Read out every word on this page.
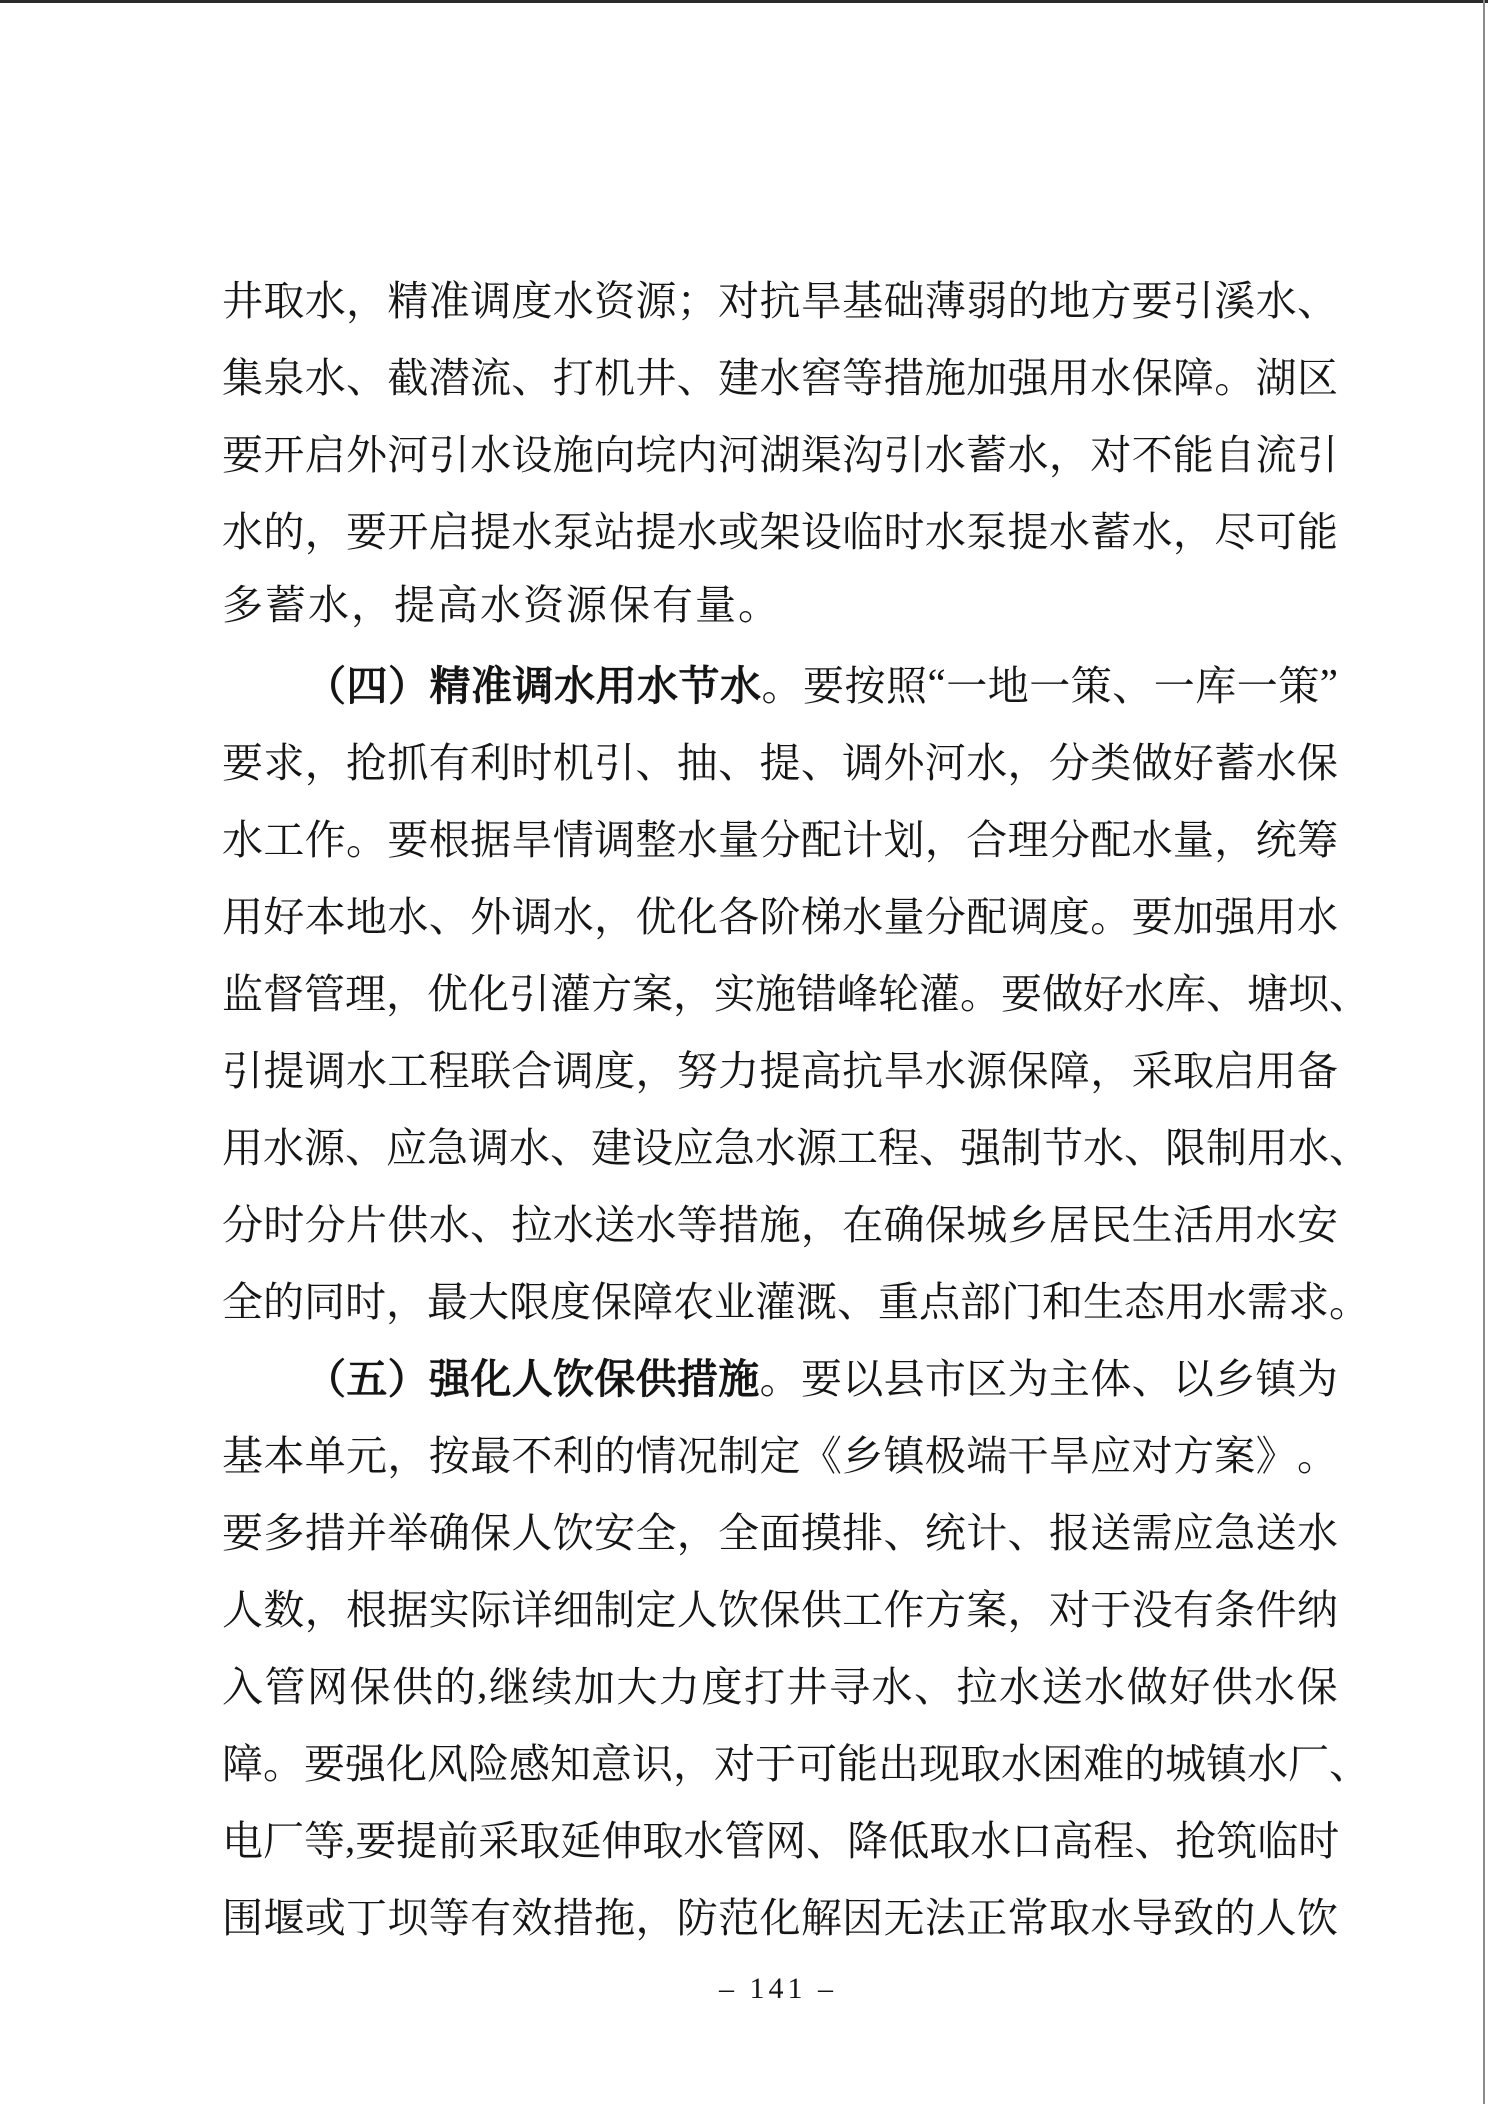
井 取 水 ， 精 准 调 度 水 资 源 ； 对 抗 旱 基 础 薄 弱 的 地 方 要 引 溪 水 、
集 泉 水 、 截 潜 流 、 打 机 井 、 建 水 窖 等 措 施 加 强 用 水 保 障 。 湖 区
要 开 启 外 河 引 水 设 施 向 垸 内 河 湖 渠 沟 引 水 蓄 水 ， 对 不 能 自 流 引
水 的 ， 要 开 启 提 水 泵 站 提 水 或 架 设 临 时 水 泵 提 水 蓄 水 ， 尽 可 能
多蓄水，提高水资源保有量。
（ 四 ） 精 准 调 水 用 水 节 水 。 要 按 照 “ 一 地 一 策 、 一 库 一 策 ”
要 求 ， 抢 抓 有 利 时 机 引 、 抽 、 提 、 调 外 河 水 ， 分 类 做 好 蓄 水 保
水 工 作 。 要 根 据 旱 情 调 整 水 量 分 配 计 划 ， 合 理 分 配 水 量 ， 统 筹
用 好 本 地 水 、 外 调 水 ， 优 化 各 阶 梯 水 量 分 配 调 度 。 要 加 强 用 水
监 督 管 理 ， 优 化 引 灌 方 案 ， 实 施 错 峰 轮 灌 。 要 做 好 水 库 、 塘 坝 、
引 提 调 水 工 程 联 合 调 度 ， 努 力 提 高 抗 旱 水 源 保 障 ， 采 取 启 用 备
用 水 源 、 应 急 调 水 、 建 设 应 急 水 源 工 程 、 强 制 节 水 、 限 制 用 水 、
分 时 分 片 供 水 、 拉 水 送 水 等 措 施 ， 在 确 保 城 乡 居 民 生 活 用 水 安
全 的 同 时 ， 最 大 限 度 保 障 农 业 灌 溉 、 重 点 部 门 和 生 态 用 水 需 求 。
（ 五 ） 强 化 人 饮 保 供 措 施 。 要 以 县 市 区 为 主 体 、 以 乡 镇 为
基 本 单 元 ， 按 最 不 利 的 情 况 制 定 《 乡 镇 极 端 干 旱 应 对 方 案 》 。
要 多 措 并 举 确 保 人 饮 安 全 ， 全 面 摸 排 、 统 计 、 报 送 需 应 急 送 水
人 数 ， 根 据 实 际 详 细 制 定 人 饮 保 供 工 作 方 案 ， 对 于 没 有 条 件 纳
入 管 网 保 供 的 , 继 续 加 大 力 度 打 井 寻 水 、 拉 水 送 水 做 好 供 水 保
障 。 要 强 化 风 险 感 知 意 识 ， 对 于 可 能 出 现 取 水 困 难 的 城 镇 水 厂 、
电 厂 等 , 要 提 前 采 取 延 伸 取 水 管 网 、 降 低 取 水 口 高 程 、 抢 筑 临 时
围 堰 或 丁 坝 等 有 效 措 拖 ， 防 范 化 解 因 无 法 正 常 取 水 导 致 的 人 饮
– 141 –
